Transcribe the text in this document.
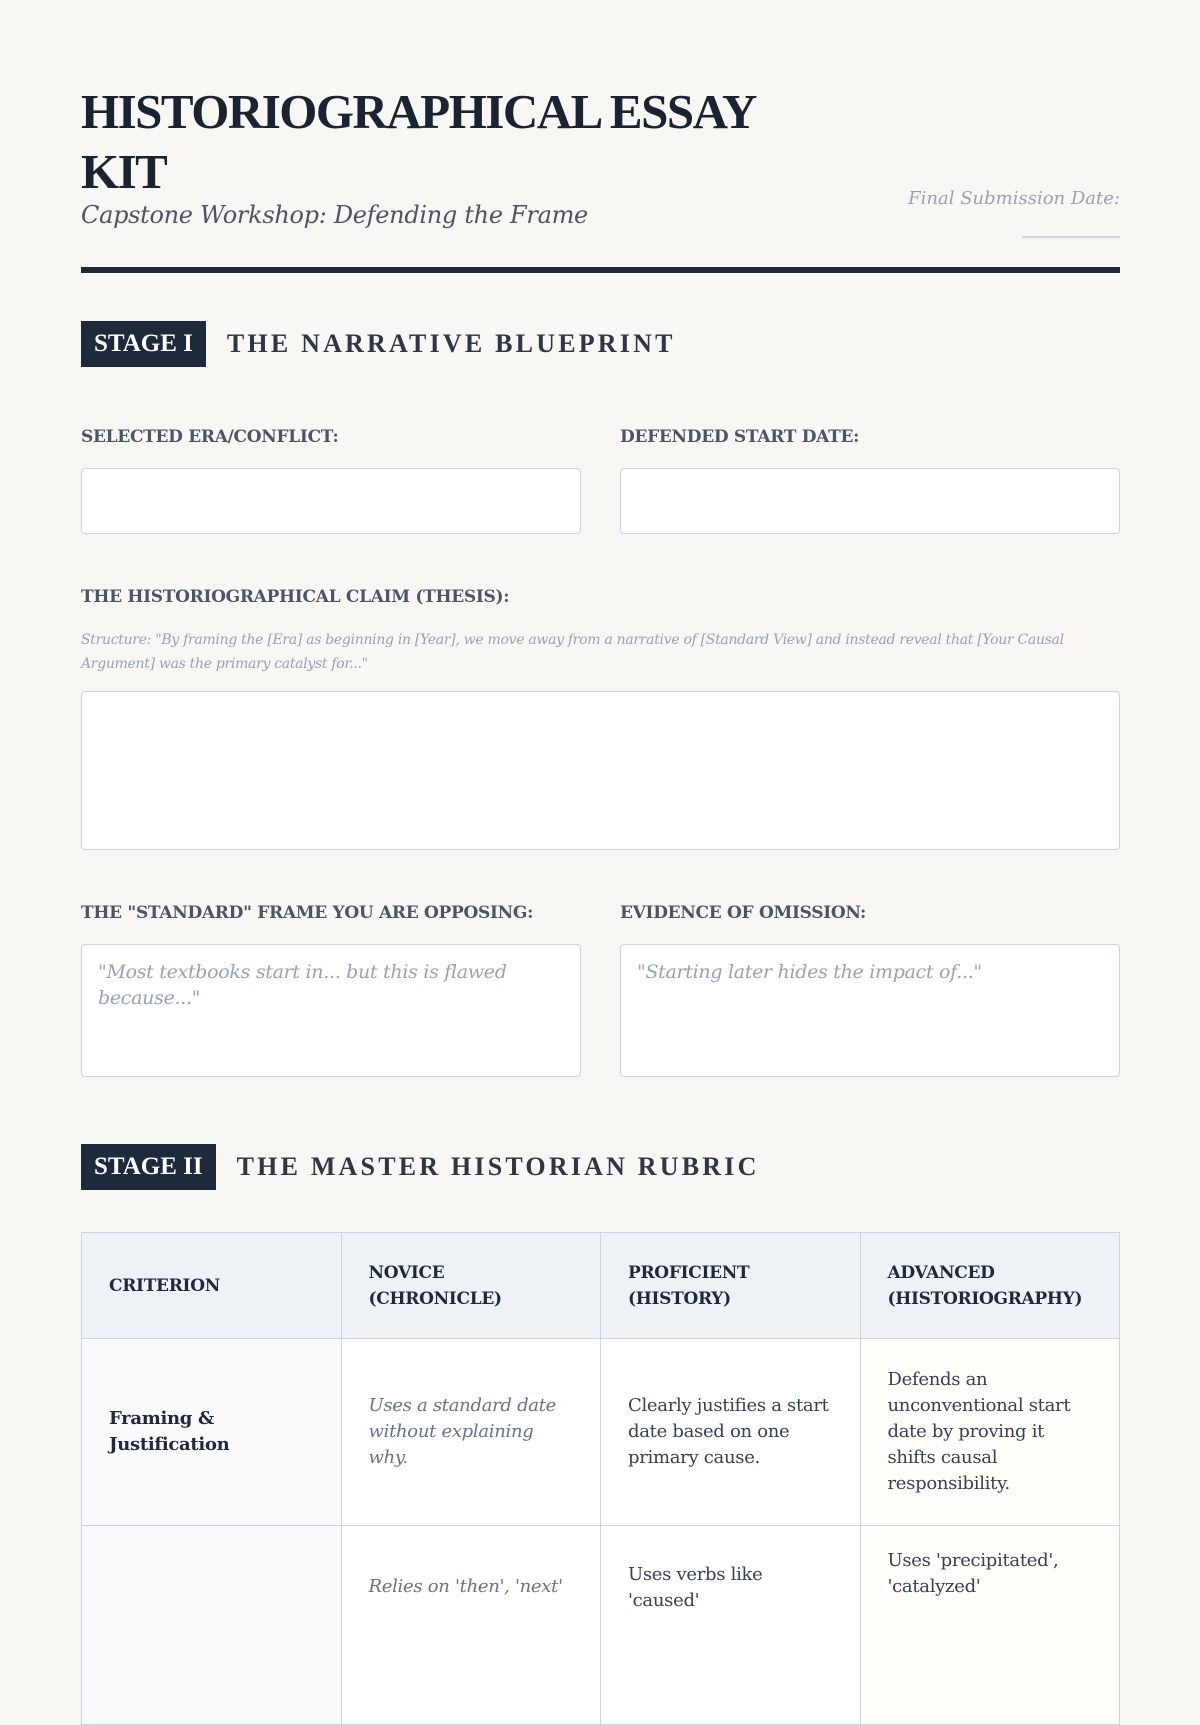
HISTORIOGRAPHICAL ESSAY KIT
Capstone Workshop: Defending the Frame
Final Submission Date:
STAGE I	THE NARRATIVE BLUEPRINT
SELECTED ERA/CONFLICT:	DEFENDED START DATE:
THE HISTORIOGRAPHICAL CLAIM (THESIS):
Structure: "By framing the [Era] as beginning in [Year], we move away from a narrative of [Standard View] and instead reveal that [Your Causal Argument] was the primary catalyst for..."
THE "STANDARD" FRAME YOU ARE OPPOSING:
"Most textbooks start in... but this is flawed because..."
EVIDENCE OF OMISSION:
"Starting later hides the impact of..."
STAGE II	THE MASTER HISTORIAN RUBRIC
CRITERION	NOVICE (CHRONICLE)	PROFICIENT (HISTORY)	ADVANCED (HISTORIOGRAPHY)
Framing & Justification	Uses a standard date without explaining why.	Clearly justifies a start date based on one primary cause.	Defends an unconventional start date by proving it shifts causal responsibility.
	Relies on 'then', 'next'	Uses verbs like 'caused'	Uses 'precipitated', 'catalyzed'
